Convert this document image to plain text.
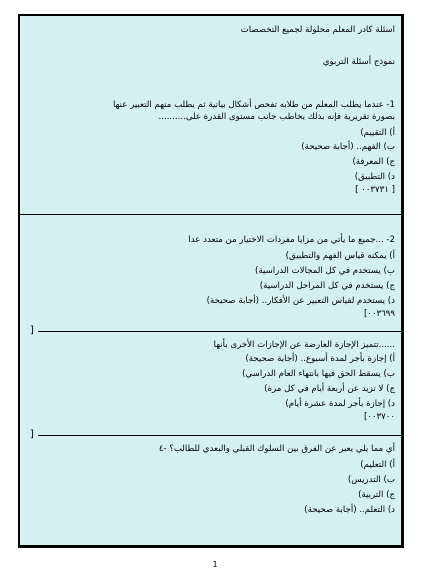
اسئلة كادر المعلم محلولة لجميع التخصصات
نموذج أسئلة التربوي
1- عندما يطلب المعلم من طلابه تفحص أشكال بيانية ثم يطلب منهم التعبير عنها
بصورة تقريرية فإنه بذلك يخاطب جانب مستوى القدرة على..........
أ) التقييم)
ب) الفهم.. (أجابة صحيحة)
ج) المعرفة)
د) التطبيق)
[ ٠٠٣٧٣١ ]
2- ...جميع ما يأتي من مزايا مفردات الاختيار من متعدد عدا
أ) يمكنه قياس الفهم والتطبيق)
ب) يستخدم في كل المجالات الدراسية)
ج) يستخدم في كل المراحل الدراسية)
د) يستخدم لقياس التعبير عن الأفكار.. (أجابة صحيحة)
[٠٠٣٦٩٩
[
......تتميز الإجازة العارضة عن الإجازات الأخرى بأنها
أ) إجازة بأجر لمدة أسبوع.. (أجابة صحيحة)
ب) يسقط الحق فيها بانتهاء العام الدراسي)
ج) لا تزيد عن أربعة أيام في كل مرة)
د) إجازة بأجر لمدة عشرة أيام)
[٠٠٣٧٠٠
[
أي مما يلي يعبر عن الفرق بين السلوك القبلي والبعدي للطالب؟ -٤
أ) التعليم)
ب) التدريس)
ج) التربية)
د) التعلم.. (أجابة صحيحة)
1
